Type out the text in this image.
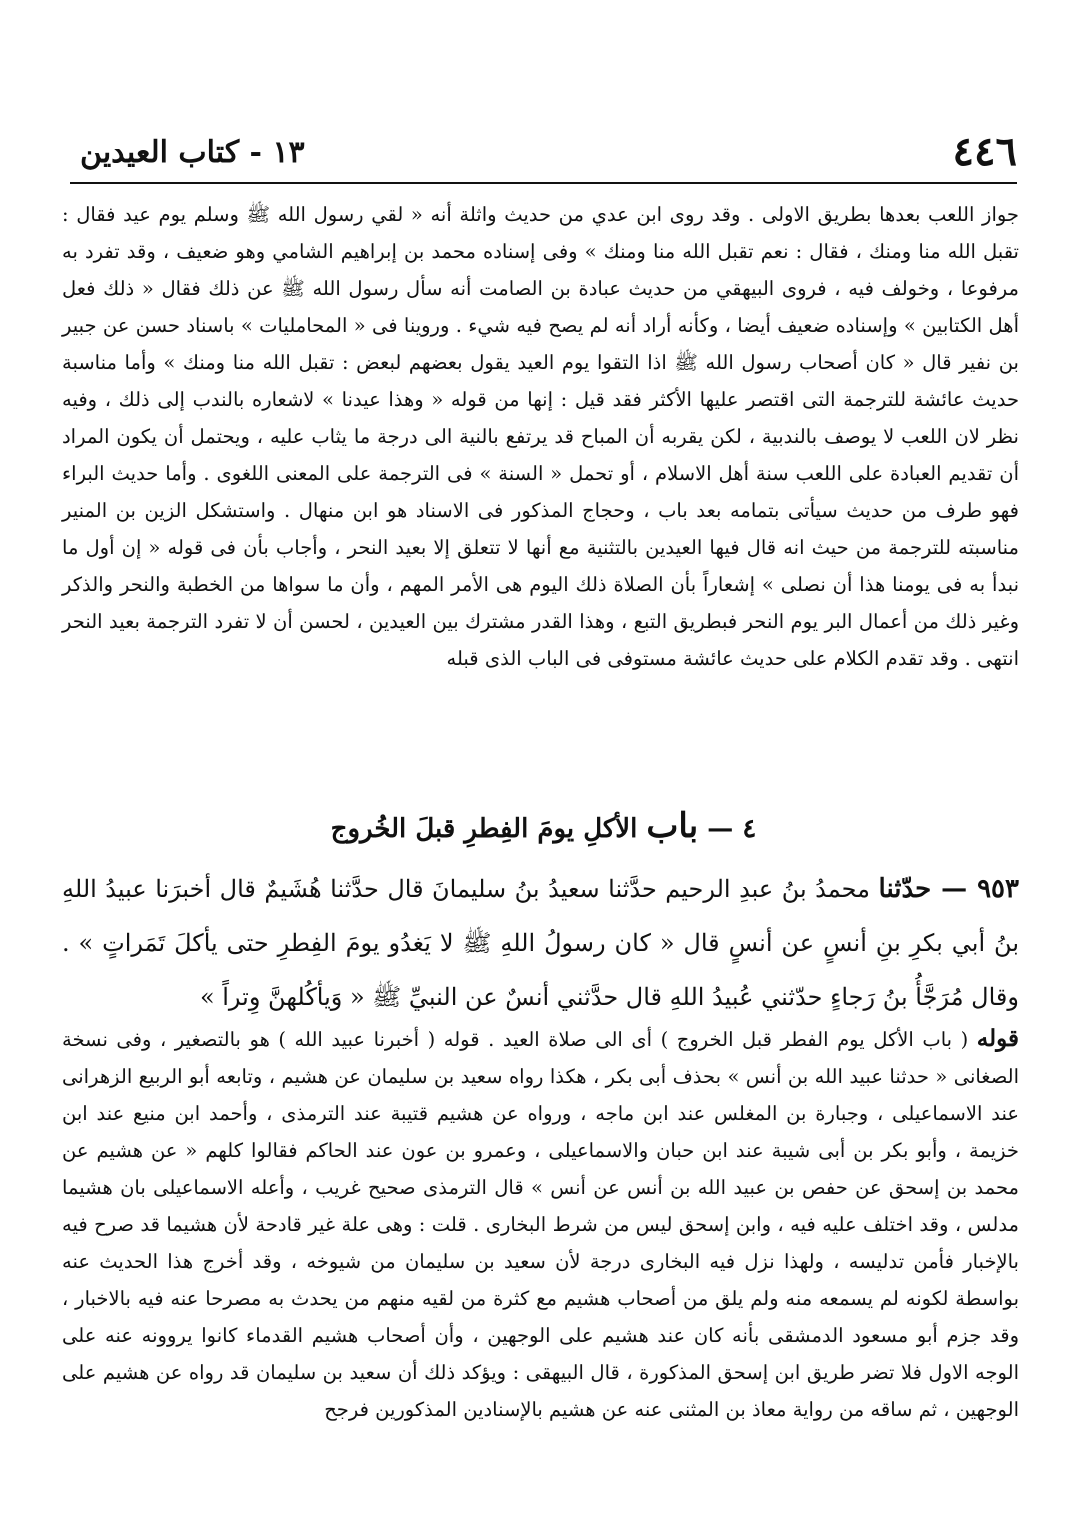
٤٤٦
١٣ - كتاب العيدين

جواز اللعب بعدها بطريق الاولى . وقد روى ابن عدي من حديث واثلة أنه « لقي رسول الله ﷺ وسلم يوم عيد فقال : تقبل الله منا ومنك ، فقال : نعم تقبل الله منا ومنك » وفى إسناده محمد بن إبراهيم الشامي وهو ضعيف ، وقد تفرد به مرفوعا ، وخولف فيه ، فروى البيهقي من حديث عبادة بن الصامت أنه سأل رسول الله ﷺ عن ذلك فقال « ذلك فعل أهل الكتابين » وإسناده ضعيف أيضا ، وكأنه أراد أنه لم يصح فيه شيء . وروينا فى « المحامليات » باسناد حسن عن جبير بن نفير قال « كان أصحاب رسول الله ﷺ اذا التقوا يوم العيد يقول بعضهم لبعض : تقبل الله منا ومنك » وأما مناسبة حديث عائشة للترجمة التى اقتصر عليها الأكثر فقد قيل : إنها من قوله « وهذا عيدنا » لاشعاره بالندب إلى ذلك ، وفيه نظر لان اللعب لا يوصف بالندبية ، لكن يقربه أن المباح قد يرتفع بالنية الى درجة ما يثاب عليه ، ويحتمل أن يكون المراد أن تقديم العبادة على اللعب سنة أهل الاسلام ، أو تحمل « السنة » فى الترجمة على المعنى اللغوى . وأما حديث البراء فهو طرف من حديث سيأتى بتمامه بعد باب ، وحجاج المذكور فى الاسناد هو ابن منهال . واستشكل الزين بن المنير مناسبته للترجمة من حيث انه قال فيها العيدين بالتثنية مع أنها لا تتعلق إلا بعيد النحر ، وأجاب بأن فى قوله « إن أول ما نبدأ به فى يومنا هذا أن نصلى » إشعاراً بأن الصلاة ذلك اليوم هى الأمر المهم ، وأن ما سواها من الخطبة والنحر والذكر وغير ذلك من أعمال البر يوم النحر فبطريق التبع ، وهذا القدر مشترك بين العيدين ، لحسن أن لا تفرد الترجمة بعيد النحر انتهى . وقد تقدم الكلام على حديث عائشة مستوفى فى الباب الذى قبله

٤ — باب الأكلِ يومَ الفِطرِ قبلَ الخُروج

٩٥٣ — حدّثنا محمدُ بنُ عبدِ الرحيم حدَّثنا سعيدُ بنُ سليمانَ قال حدَّثنا هُشَيمٌ قال أخبرَنا عبيدُ اللهِ بنُ أبي بكرِ بنِ أنسٍ عن أنسٍ قال « كان رسولُ اللهِ ﷺ لا يَغدُو يومَ الفِطرِ حتى يأكلَ تَمَراتٍ » . وقال مُرَجَّأُ بنُ رَجاءٍ حدّثني عُبيدُ اللهِ قال حدَّثني أنسٌ عن النبيِّ ﷺ « وَيأكُلهنَّ وِتراً »

قوله ( باب الأكل يوم الفطر قبل الخروج ) أى الى صلاة العيد . قوله ( أخبرنا عبيد الله ) هو بالتصغير ، وفى نسخة الصغانى « حدثنا عبيد الله بن أنس » بحذف أبى بكر ، هكذا رواه سعيد بن سليمان عن هشيم ، وتابعه أبو الربيع الزهرانى عند الاسماعيلى ، وجبارة بن المغلس عند ابن ماجه ، ورواه عن هشيم قتيبة عند الترمذى ، وأحمد ابن منيع عند ابن خزيمة ، وأبو بكر بن أبى شيبة عند ابن حبان والاسماعيلى ، وعمرو بن عون عند الحاكم فقالوا كلهم « عن هشيم عن محمد بن إسحق عن حفص بن عبيد الله بن أنس عن أنس » قال الترمذى صحيح غريب ، وأعله الاسماعيلى بان هشيما مدلس ، وقد اختلف عليه فيه ، وابن إسحق ليس من شرط البخارى . قلت : وهى علة غير قادحة لأن هشيما قد صرح فيه بالإخبار فأمن تدليسه ، ولهذا نزل فيه البخارى درجة لأن سعيد بن سليمان من شيوخه ، وقد أخرج هذا الحديث عنه بواسطة لكونه لم يسمعه منه ولم يلق من أصحاب هشيم مع كثرة من لقيه منهم من يحدث به مصرحا عنه فيه بالاخبار ، وقد جزم أبو مسعود الدمشقى بأنه كان عند هشيم على الوجهين ، وأن أصحاب هشيم القدماء كانوا يروونه عنه على الوجه الاول فلا تضر طريق ابن إسحق المذكورة ، قال البيهقى : ويؤكد ذلك أن سعيد بن سليمان قد رواه عن هشيم على الوجهين ، ثم ساقه من رواية معاذ بن المثنى عنه عن هشيم بالإسنادين المذكورين فرجح
